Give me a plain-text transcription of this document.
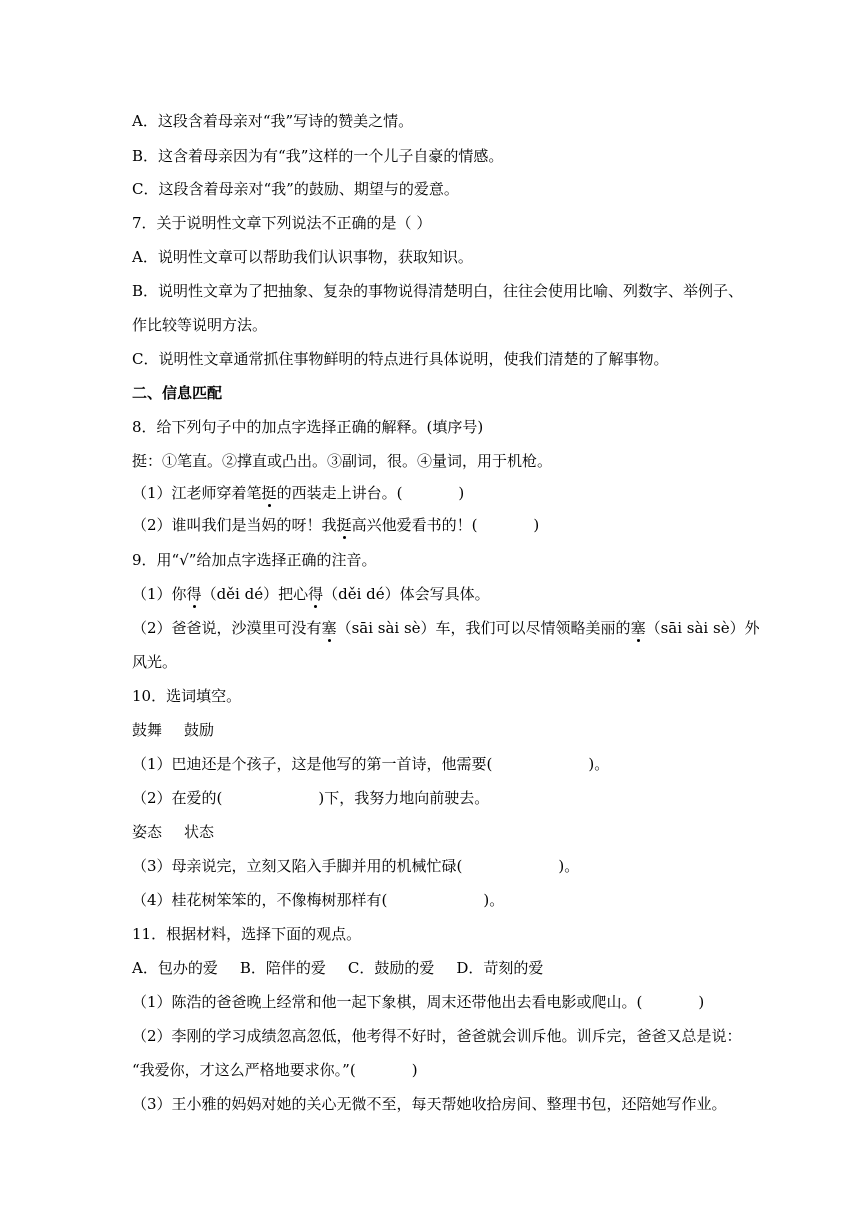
A．这段含着母亲对“我”写诗的赞美之情。
B．这含着母亲因为有“我”这样的一个儿子自豪的情感。
C．这段含着母亲对“我”的鼓励、期望与的爱意。
7．关于说明性文章下列说法不正确的是（ ）
A．说明性文章可以帮助我们认识事物，获取知识。
B．说明性文章为了把抽象、复杂的事物说得清楚明白，往往会使用比喻、列数字、举例子、
作比较等说明方法。
C．说明性文章通常抓住事物鲜明的特点进行具体说明，使我们清楚的了解事物。
二、信息匹配
8．给下列句子中的加点字选择正确的解释。(填序号)
挺：①笔直。②撑直或凸出。③副词，很。④量词，用于机枪。
（1）江老师穿着笔挺的西装走上讲台。(	)
（2）谁叫我们是当妈的呀！我挺高兴他爱看书的！(	)
9．用“√”给加点字选择正确的注音。
（1）你得（děi dé）把心得（děi dé）体会写具体。
（2）爸爸说，沙漠里可没有塞（sāi sài sè）车，我们可以尽情领略美丽的塞（sāi sài sè）外
风光。
10．选词填空。
鼓舞 鼓励
（1）巴迪还是个孩子，这是他写的第一首诗，他需要(	)。
（2）在爱的(	)下，我努力地向前驶去。
姿态 状态
（3）母亲说完，立刻又陷入手脚并用的机械忙碌(	)。
（4）桂花树笨笨的，不像梅树那样有(	)。
11．根据材料，选择下面的观点。
A．包办的爱 B．陪伴的爱 C．鼓励的爱 D．苛刻的爱
（1）陈浩的爸爸晚上经常和他一起下象棋，周末还带他出去看电影或爬山。(	)
（2）李刚的学习成绩忽高忽低，他考得不好时，爸爸就会训斥他。训斥完，爸爸又总是说：
“我爱你，才这么严格地要求你。”(	)
（3）王小雅的妈妈对她的关心无微不至，每天帮她收拾房间、整理书包，还陪她写作业。
